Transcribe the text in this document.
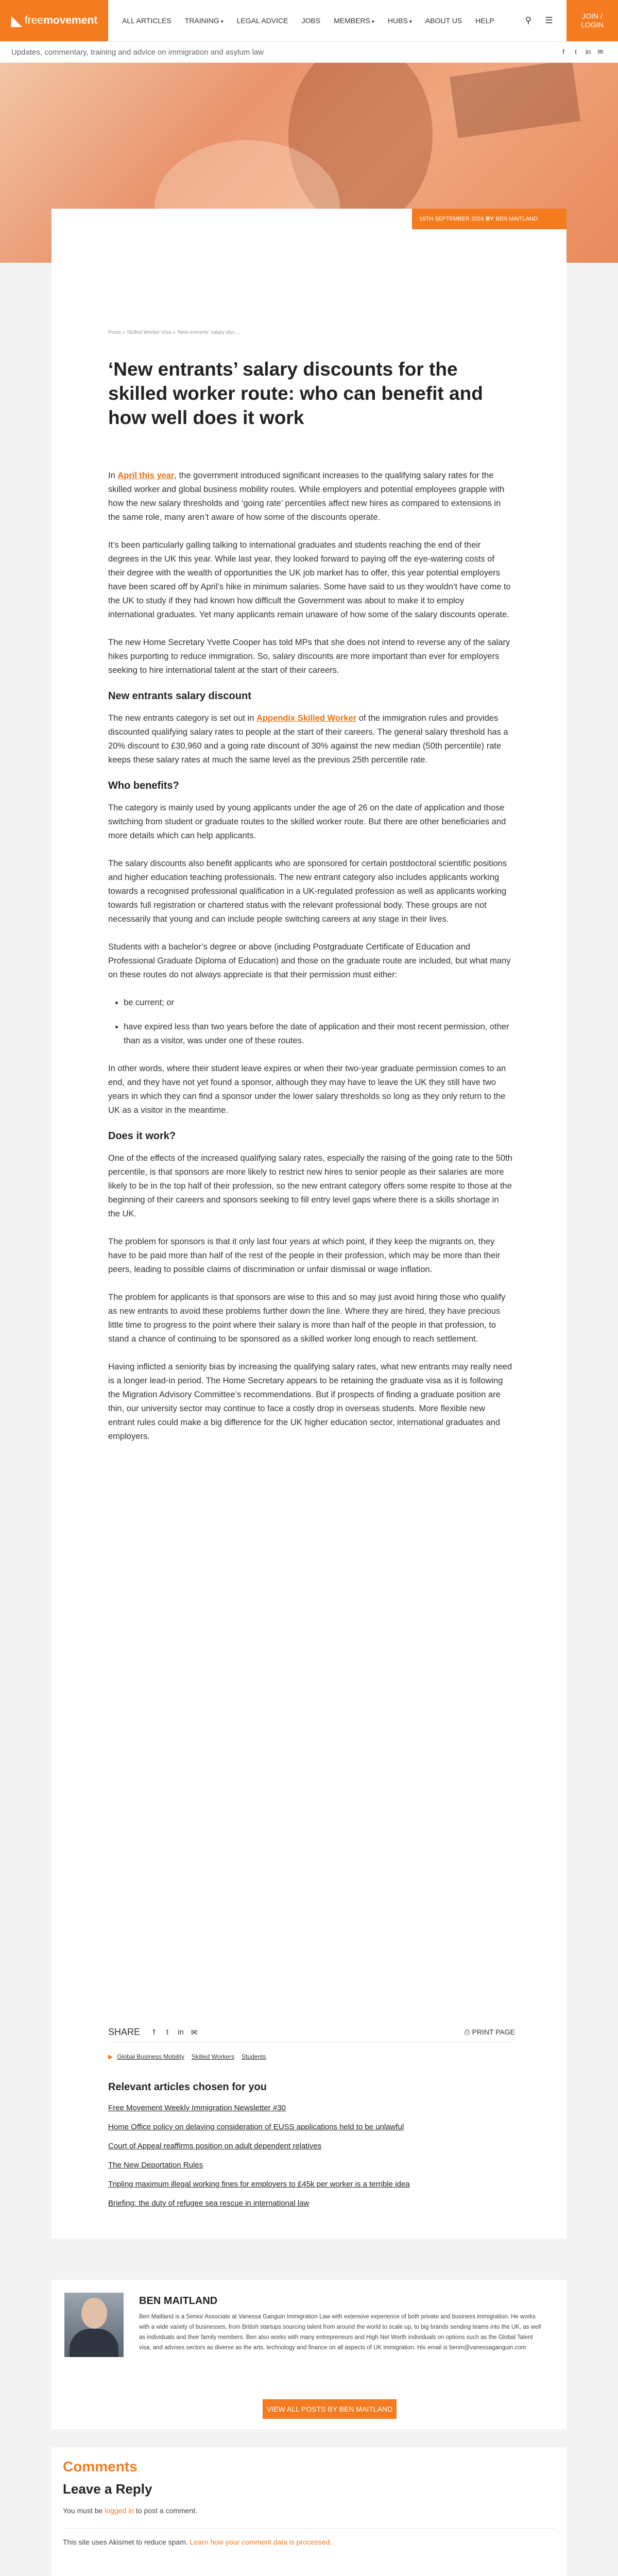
◣ freemovement	ALL ARTICLES	TRAINING ▾	LEGAL ADVICE	JOBS	MEMBERS ▾	HUBS ▾	ABOUT US	HELP	⚲	☰	JOIN /
LOGIN
Updates, commentary, training and advice on immigration and asylum law	f	t	in	✉
16TH SEPTEMBER 2024 BY BEN MAITLAND
Posts » Skilled Worker Visa » 'New entrants' salary disc…
‘New entrants’ salary discounts for the skilled worker route: who can benefit and how well does it work

In April this year, the government introduced significant increases to the qualifying salary rates for the skilled worker and global business mobility routes. While employers and potential employees grapple with how the new salary thresholds and ‘going rate’ percentiles affect new hires as compared to extensions in the same role, many aren’t aware of how some of the discounts operate.

It’s been particularly galling talking to international graduates and students reaching the end of their degrees in the UK this year. While last year, they looked forward to paying off the eye-watering costs of their degree with the wealth of opportunities the UK job market has to offer, this year potential employers have been scared off by April’s hike in minimum salaries. Some have said to us they wouldn’t have come to the UK to study if they had known how difficult the Government was about to make it to employ international graduates. Yet many applicants remain unaware of how some of the salary discounts operate.

The new Home Secretary Yvette Cooper has told MPs that she does not intend to reverse any of the salary hikes purporting to reduce immigration. So, salary discounts are more important than ever for employers seeking to hire international talent at the start of their careers.

New entrants salary discount

The new entrants category is set out in Appendix Skilled Worker of the immigration rules and provides discounted qualifying salary rates to people at the start of their careers. The general salary threshold has a 20% discount to £30,960 and a going rate discount of 30% against the new median (50th percentile) rate keeps these salary rates at much the same level as the previous 25th percentile rate.

Who benefits?

The category is mainly used by young applicants under the age of 26 on the date of application and those switching from student or graduate routes to the skilled worker route. But there are other beneficiaries and more details which can help applicants.

The salary discounts also benefit applicants who are sponsored for certain postdoctoral scientific positions and higher education teaching professionals. The new entrant category also includes applicants working towards a recognised professional qualification in a UK-regulated profession as well as applicants working towards full registration or chartered status with the relevant professional body. These groups are not necessarily that young and can include people switching careers at any stage in their lives.

Students with a bachelor’s degree or above (including Postgraduate Certificate of Education and Professional Graduate Diploma of Education) and those on the graduate route are included, but what many on these routes do not always appreciate is that their permission must either:

• be current; or
• have expired less than two years before the date of application and their most recent permission, other than as a visitor, was under one of these routes.

In other words, where their student leave expires or when their two-year graduate permission comes to an end, and they have not yet found a sponsor, although they may have to leave the UK they still have two years in which they can find a sponsor under the lower salary thresholds so long as they only return to the UK as a visitor in the meantime.

Does it work?

One of the effects of the increased qualifying salary rates, especially the raising of the going rate to the 50th percentile, is that sponsors are more likely to restrict new hires to senior people as their salaries are more likely to be in the top half of their profession, so the new entrant category offers some respite to those at the beginning of their careers and sponsors seeking to fill entry level gaps where there is a skills shortage in the UK.

The problem for sponsors is that it only last four years at which point, if they keep the migrants on, they have to be paid more than half of the rest of the people in their profession, which may be more than their peers, leading to possible claims of discrimination or unfair dismissal or wage inflation.

The problem for applicants is that sponsors are wise to this and so may just avoid hiring those who qualify as new entrants to avoid these problems further down the line. Where they are hired, they have precious little time to progress to the point where their salary is more than half of the people in that profession, to stand a chance of continuing to be sponsored as a skilled worker long enough to reach settlement.

Having inflicted a seniority bias by increasing the qualifying salary rates, what new entrants may really need is a longer lead-in period. The Home Secretary appears to be retaining the graduate visa as it is following the Migration Advisory Committee’s recommendations. But if prospects of finding a graduate position are thin, our university sector may continue to face a costly drop in overseas students. More flexible new entrant rules could make a big difference for the UK higher education sector, international graduates and employers.

SHARE	f	t	in ✉	⎙ PRINT PAGE
▶ Global Business Mobility Skilled Workers Students
Relevant articles chosen for you
Free Movement Weekly Immigration Newsletter #30
Home Office policy on delaying consideration of EUSS applications held to be unlawful
Court of Appeal reaffirms position on adult dependent relatives
The New Deportation Rules
Tripling maximum illegal working fines for employers to £45k per worker is a terrible idea
Briefing: the duty of refugee sea rescue in international law
BEN MAITLAND
Ben Maitland is a Senior Associate at Vanessa Ganguin Immigration Law with extensive experience of both private and business immigration. He works with a wide variety of businesses, from British startups sourcing talent from around the world to scale up, to big brands sending teams into the UK, as well as individuals and their family members. Ben also works with many entrepreneurs and High Net Worth individuals on options such as the Global Talent visa, and advises sectors as diverse as the arts, technology and finance on all aspects of UK immigration. His email is benm@vanessaganguin.com
VIEW ALL POSTS BY BEN MAITLAND
Comments
Leave a Reply
You must be logged in to post a comment.
This site uses Akismet to reduce spam. Learn how your comment data is processed.
